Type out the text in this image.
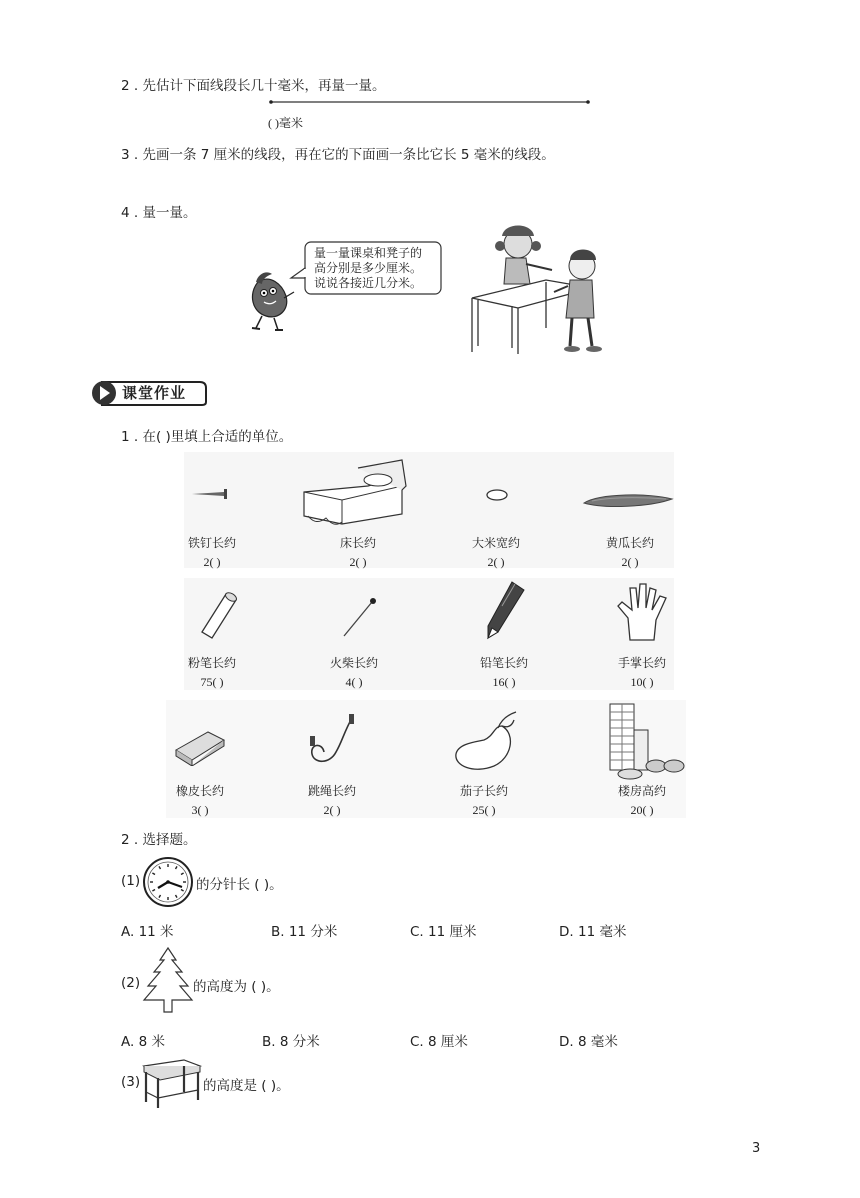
2 . 先估计下面线段长几十毫米，再量一量。
( )毫米
3 . 先画一条 7 厘米的线段，再在它的下面画一条比它长 5 毫米的线段。
4 . 量一量。
量一量课桌和凳子的
高分别是多少厘米。
说说各接近几分米。
课堂作业
1 . 在( )里填上合适的单位。
铁钉长约
2( )
床长约
2( )
大米宽约
2( )
黄瓜长约
2( )
粉笔长约
75( )
火柴长约
4( )
铅笔长约
16( )
手掌长约
10( )
橡皮长约
3( )
跳绳长约
2( )
茄子长约
25( )
楼房高约
20( )
2 . 选择题。
(1)	的分针长 ( )。
A. 11 米	B. 11 分米	C. 11 厘米	D. 11 毫米
(2)	的高度为 ( )。
A. 8 米	B. 8 分米	C. 8 厘米	D. 8 毫米
(3)	的高度是 ( )。
3
